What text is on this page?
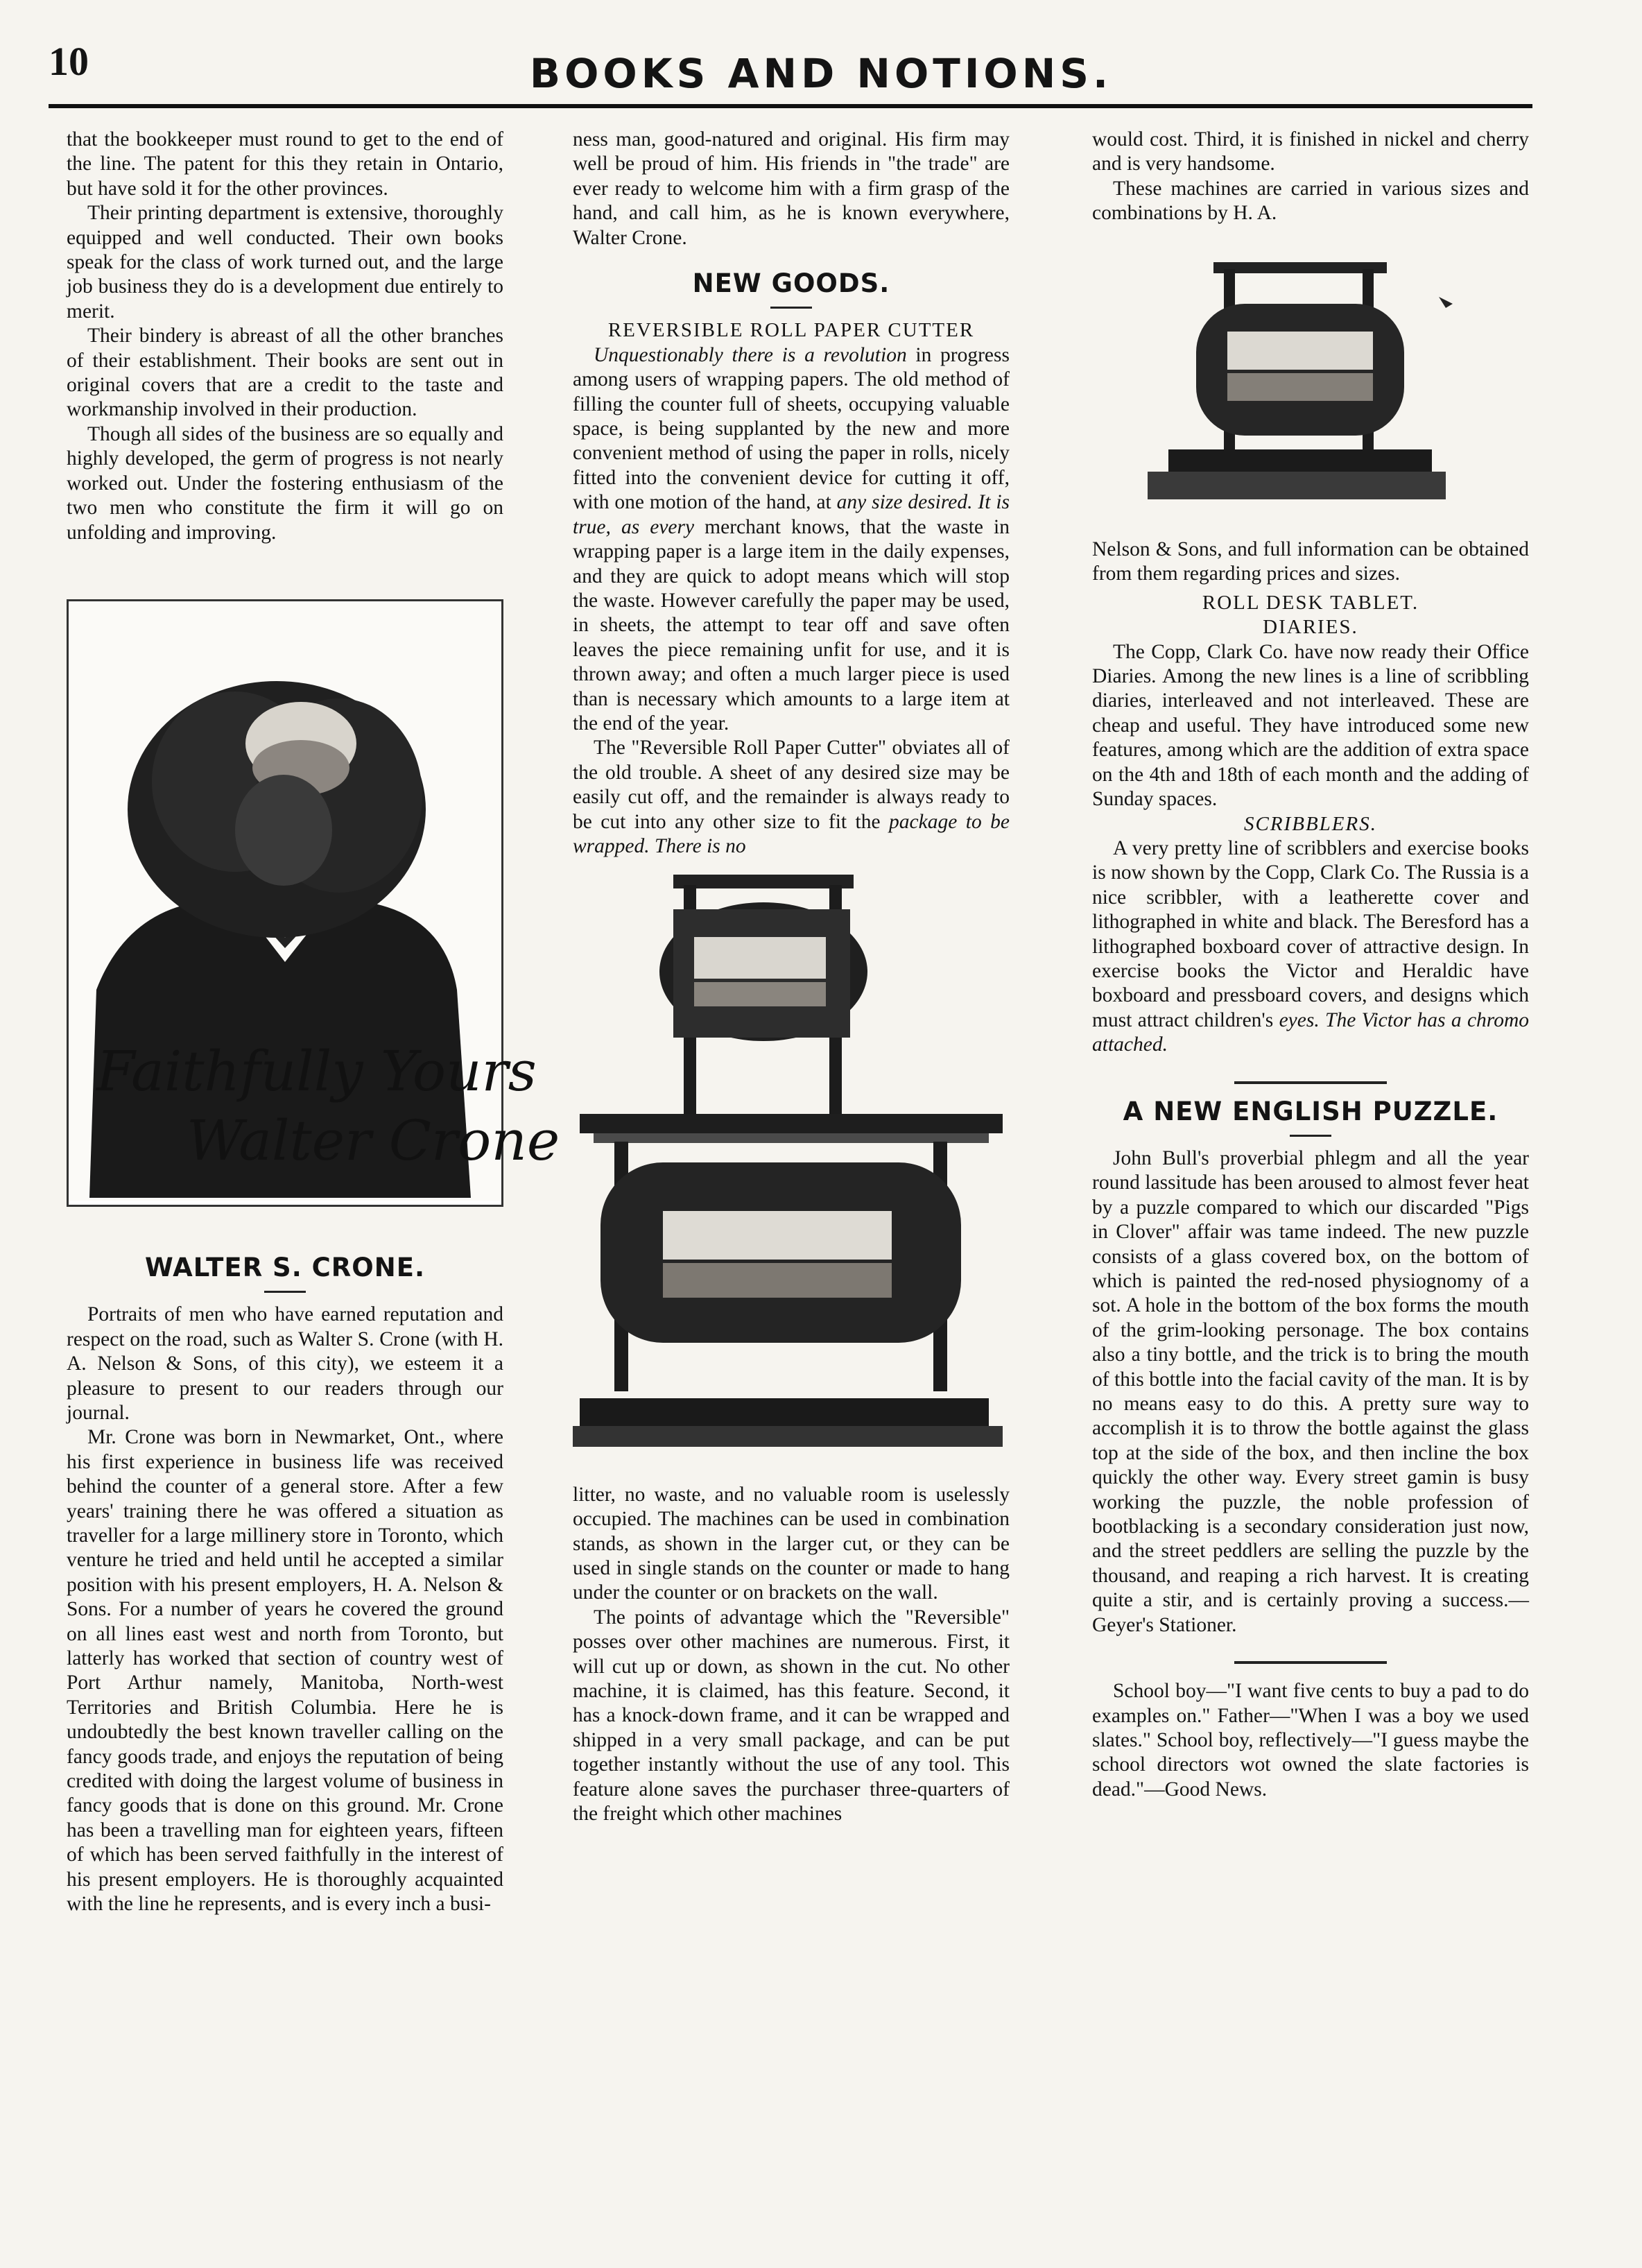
10	BOOKS AND NOTIONS.

that the bookkeeper must round to get to the end of the line. The patent for this they retain in Ontario, but have sold it for the other provinces.

Their printing department is extensive, thoroughly equipped and well conducted. Their own books speak for the class of work turned out, and the large job business they do is a development due entirely to merit.

Their bindery is abreast of all the other branches of their establishment. Their books are sent out in original covers that are a credit to the taste and workmanship involved in their production.

Though all sides of the business are so equally and highly developed, the germ of progress is not nearly worked out. Under the fostering enthusiasm of the two men who constitute the firm it will go on unfolding and improving.

Faithfully Yours
Walter Crone
WALTER S. CRONE.

Portraits of men who have earned reputation and respect on the road, such as Walter S. Crone (with H. A. Nelson & Sons, of this city), we esteem it a pleasure to present to our readers through our journal.

Mr. Crone was born in Newmarket, Ont., where his first experience in business life was received behind the counter of a general store. After a few years' training there he was offered a situation as traveller for a large millinery store in Toronto, which venture he tried and held until he accepted a similar position with his present employers, H. A. Nelson & Sons. For a number of years he covered the ground on all lines east west and north from Toronto, but latterly has worked that section of country west of Port Arthur namely, Manitoba, North-west Territories and British Columbia. Here he is undoubtedly the best known traveller calling on the fancy goods trade, and enjoys the reputation of being credited with doing the largest volume of business in fancy goods that is done on this ground. Mr. Crone has been a travelling man for eighteen years, fifteen of which has been served faithfully in the interest of his present employers. He is thoroughly acquainted with the line he represents, and is every inch a busi-

ness man, good-natured and original. His firm may well be proud of him. His friends in "the trade" are ever ready to welcome him with a firm grasp of the hand, and call him, as he is known everywhere, Walter Crone.

NEW GOODS.
REVERSIBLE ROLL PAPER CUTTER

Unquestionably there is a revolution in progress among users of wrapping papers. The old method of filling the counter full of sheets, occupying valuable space, is being supplanted by the new and more convenient method of using the paper in rolls, nicely fitted into the convenient device for cutting it off, with one motion of the hand, at any size desired. It is true, as every merchant knows, that the waste in wrapping paper is a large item in the daily expenses, and they are quick to adopt means which will stop the waste. However carefully the paper may be used, in sheets, the attempt to tear off and save often leaves the piece remaining unfit for use, and it is thrown away; and often a much larger piece is used than is necessary which amounts to a large item at the end of the year.

The "Reversible Roll Paper Cutter" obviates all of the old trouble. A sheet of any desired size may be easily cut off, and the remainder is always ready to be cut into any other size to fit the package to be wrapped. There is no

litter, no waste, and no valuable room is uselessly occupied. The machines can be used in combination stands, as shown in the larger cut, or they can be used in single stands on the counter or made to hang under the counter or on brackets on the wall.

The points of advantage which the "Reversible" posses over other machines are numerous. First, it will cut up or down, as shown in the cut. No other machine, it is claimed, has this feature. Second, it has a knock-down frame, and it can be wrapped and shipped in a very small package, and can be put together instantly without the use of any tool. This feature alone saves the purchaser three-quarters of the freight which other machines

would cost. Third, it is finished in nickel and cherry and is very handsome.

These machines are carried in various sizes and combinations by H. A.

Nelson & Sons, and full information can be obtained from them regarding prices and sizes.

ROLL DESK TABLET.
DIARIES.

The Copp, Clark Co. have now ready their Office Diaries. Among the new lines is a line of scribbling diaries, interleaved and not interleaved. These are cheap and useful. They have introduced some new features, among which are the addition of extra space on the 4th and 18th of each month and the adding of Sunday spaces.

SCRIBBLERS.

A very pretty line of scribblers and exercise books is now shown by the Copp, Clark Co. The Russia is a nice scribbler, with a leatherette cover and lithographed in white and black. The Beresford has a lithographed boxboard cover of attractive design. In exercise books the Victor and Heraldic have boxboard and pressboard covers, and designs which must attract children's eyes. The Victor has a chromo attached.

A NEW ENGLISH PUZZLE.

John Bull's proverbial phlegm and all the year round lassitude has been aroused to almost fever heat by a puzzle compared to which our discarded "Pigs in Clover" affair was tame indeed. The new puzzle consists of a glass covered box, on the bottom of which is painted the red-nosed physiognomy of a sot. A hole in the bottom of the box forms the mouth of the grim-looking personage. The box contains also a tiny bottle, and the trick is to bring the mouth of this bottle into the facial cavity of the man. It is by no means easy to do this. A pretty sure way to accomplish it is to throw the bottle against the glass top at the side of the box, and then incline the box quickly the other way. Every street gamin is busy working the puzzle, the noble profession of bootblacking is a secondary consideration just now, and the street peddlers are selling the puzzle by the thousand, and reaping a rich harvest. It is creating quite a stir, and is certainly proving a success.—Geyer's Stationer.

School boy—"I want five cents to buy a pad to do examples on." Father—"When I was a boy we used slates." School boy, reflectively—"I guess maybe the school directors wot owned the slate factories is dead."—Good News.
